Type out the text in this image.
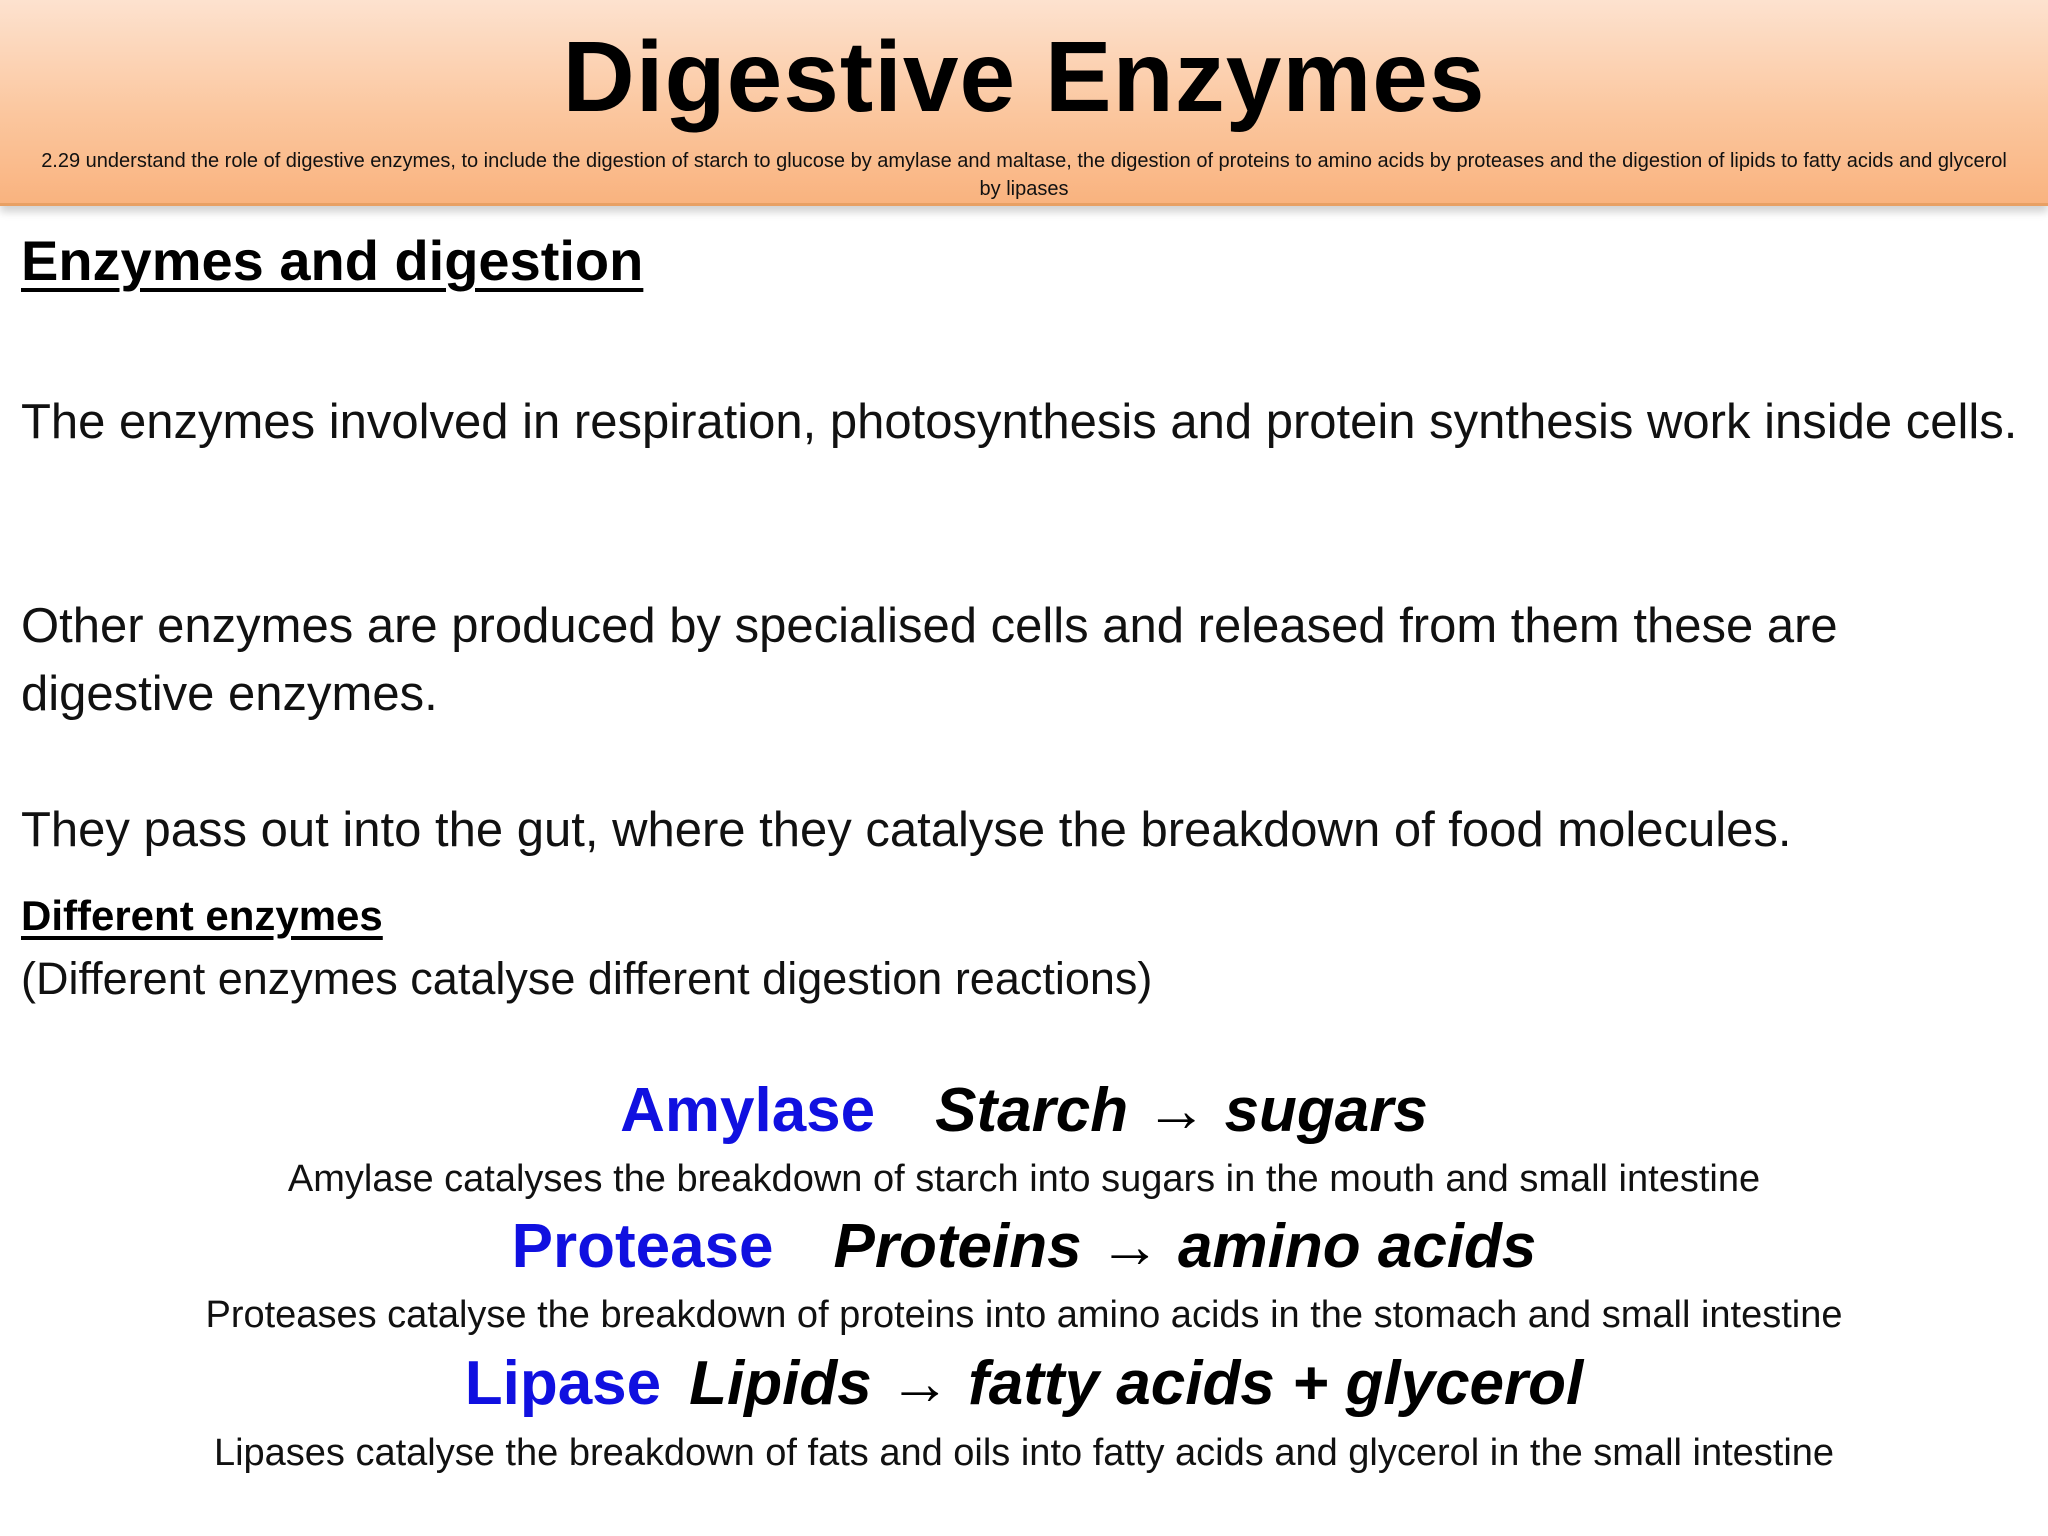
Digestive Enzymes
2.29 understand the role of digestive enzymes, to include the digestion of starch to glucose by amylase and maltase, the digestion of proteins to amino acids by proteases and the digestion of lipids to fatty acids and glycerol by lipases
Enzymes and digestion
The enzymes involved in respiration, photosynthesis and protein synthesis work inside cells.
Other enzymes are produced by specialised cells and released from them these are digestive enzymes.
They pass out into the gut, where they catalyse the breakdown of food molecules.
Different enzymes
(Different enzymes catalyse different digestion reactions)
Amylase Starch → sugars
Amylase catalyses the breakdown of starch into sugars in the mouth and small intestine
Protease Proteins → amino acids
Proteases catalyse the breakdown of proteins into amino acids in the stomach and small intestine
Lipase Lipids → fatty acids + glycerol
Lipases catalyse the breakdown of fats and oils into fatty acids and glycerol in the small intestine
